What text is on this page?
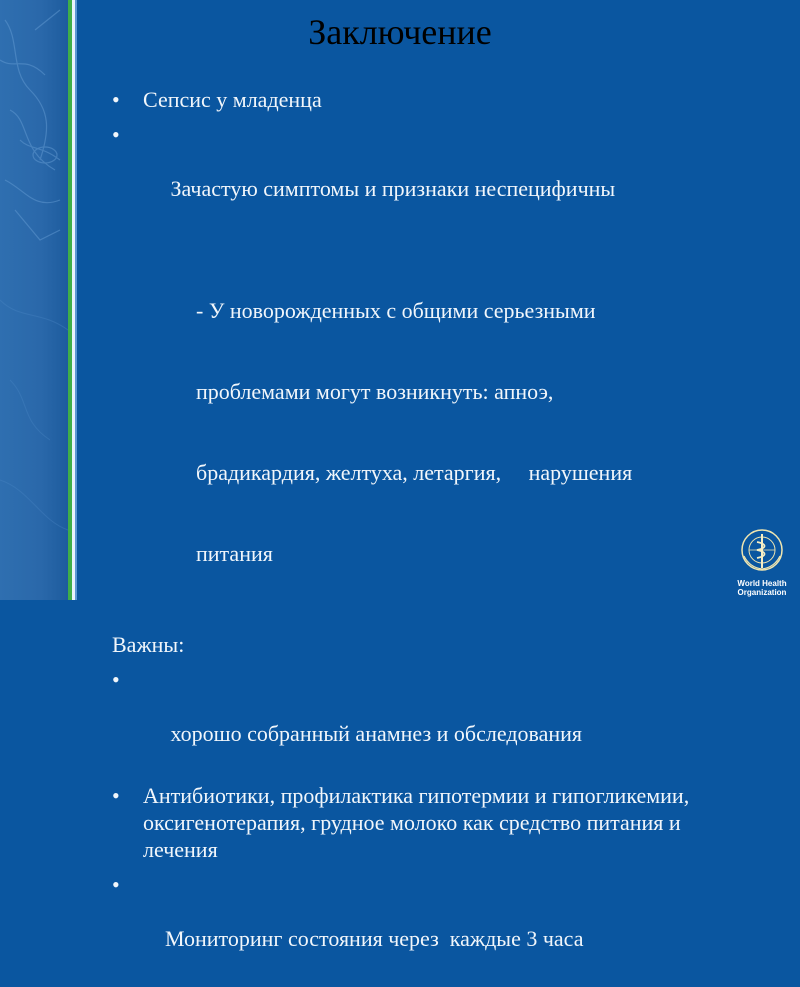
Заключение
•	Сепсис у младенца

•

Зачастую симптомы и признаки неспецифичны

- У новорожденных с общими серьезными

проблемами могут возникнуть: апноэ,

брадикардия, желтуха, летаргия,     нарушения

питания

Важны:

•

хорошо собранный анамнез и обследования

•	Антибиотики, профилактика гипотермии и гипогликемии, оксигенотерапия, грудное молоко как средство питания и лечения

•

Мониторинг состояния через  каждые 3 часа

World Health
Organization
